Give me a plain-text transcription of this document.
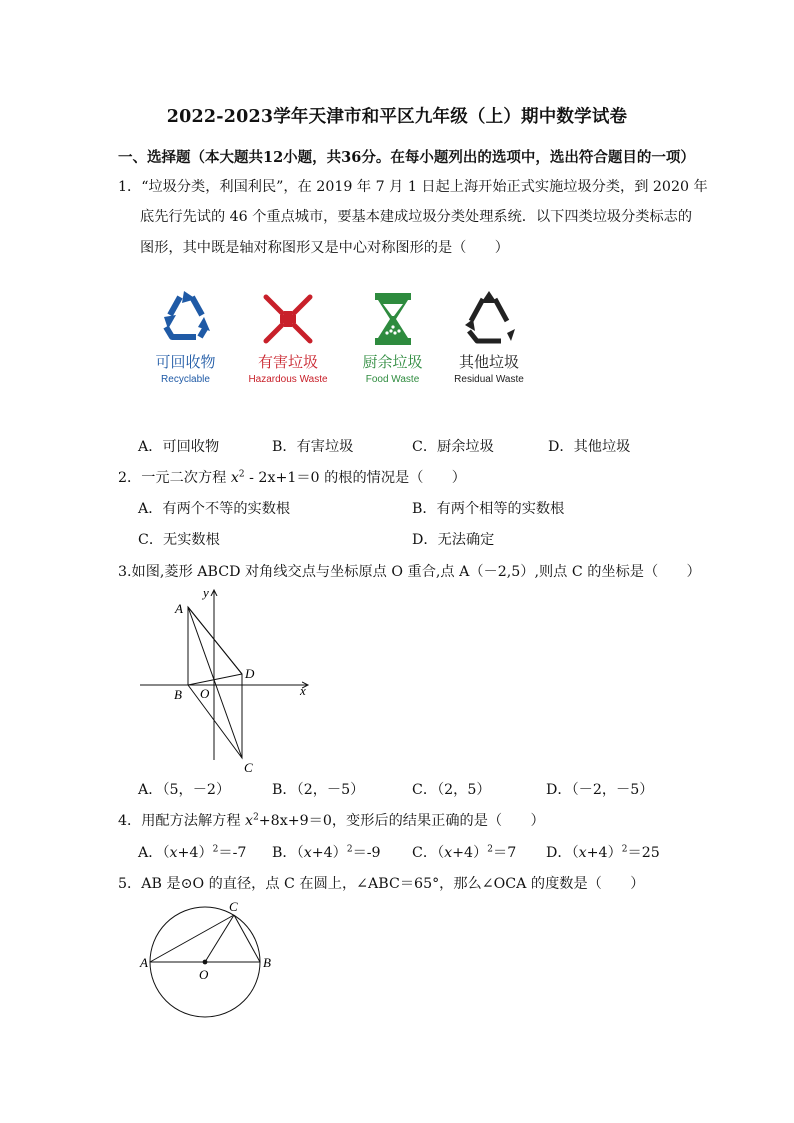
2022-2023学年天津市和平区九年级（上）期中数学试卷
一、选择题（本大题共12小题，共36分。在每小题列出的选项中，选出符合题目的一项）
1．“垃圾分类，利国利民”，在 2019 年 7 月 1 日起上海开始正式实施垃圾分类，到 2020 年
底先行先试的 46 个重点城市，要基本建成垃圾分类处理系统．以下四类垃圾分类标志的
图形，其中既是轴对称图形又是中心对称图形的是（　　）
可回收物
Recyclable
有害垃圾
Hazardous Waste
厨余垃圾
Food Waste
其他垃圾
Residual Waste
A．可回收物	B．有害垃圾	C．厨余垃圾	D．其他垃圾
2．一元二次方程 $x^2 - 2x+1=0$ 的根的情况是（　　）
A．有两个不等的实数根	B．有两个相等的实数根
C．无实数根	D．无法确定
3.如图,菱形 ABCD 对角线交点与坐标原点 O 重合,点 A（－2,5）,则点 C 的坐标是（　　）
A
B
C
D
O	x
y
A．（5，－2）	B．（2，－5）	C．（2，5）	D．（－2，－5）
4．用配方法解方程 $x^2+8x+9=0$，变形后的结果正确的是（　　）
A．$(x+4)^2=-7$ B．$(x+4)^2=-9$ C．$(x+4)^2=7$ D．$(x+4)^2=25$
5．AB 是⊙O 的直径，点 C 在圆上，∠ABC＝65°，那么∠OCA 的度数是（　　）
A	B
C
O
